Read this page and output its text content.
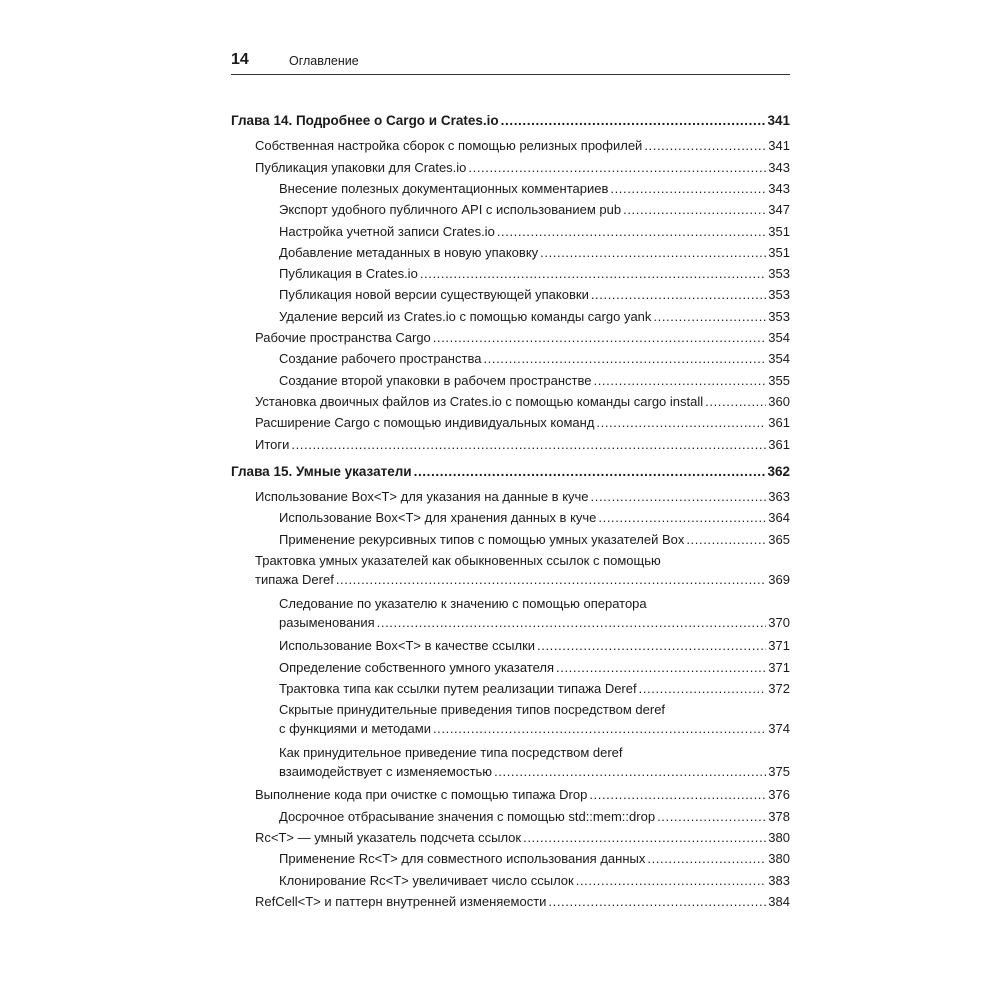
14	Оглавление
Глава 14. Подробнее о Cargo и Crates.io .....	341
Собственная настройка сборок с помощью релизных профилей .....	341
Публикация упаковки для Crates.io .....	343
Внесение полезных документационных комментариев .....	343
Экспорт удобного публичного API с использованием pub .....	347
Настройка учетной записи Crates.io .....	351
Добавление метаданных в новую упаковку .....	351
Публикация в Crates.io .....	353
Публикация новой версии существующей упаковки .....	353
Удаление версий из Crates.io с помощью команды cargo yank .....	353
Рабочие пространства Cargo .....	354
Создание рабочего пространства .....	354
Создание второй упаковки в рабочем пространстве .....	355
Установка двоичных файлов из Crates.io с помощью команды cargo install .....	360
Расширение Cargo с помощью индивидуальных команд .....	361
Итоги .....	361
Глава 15. Умные указатели .....	362
Использование Box<T> для указания на данные в куче .....	363
Использование Box<T> для хранения данных в куче .....	364
Применение рекурсивных типов с помощью умных указателей Box .....	365
Трактовка умных указателей как обыкновенных ссылок с помощью
типажа Deref .....	369
Следование по указателю к значению с помощью оператора
разыменования .....	370
Использование Box<T> в качестве ссылки .....	371
Определение собственного умного указателя .....	371
Трактовка типа как ссылки путем реализации типажа Deref .....	372
Скрытые принудительные приведения типов посредством deref
с функциями и методами .....	374
Как принудительное приведение типа посредством deref
взаимодействует с изменяемостью .....	375
Выполнение кода при очистке с помощью типажа Drop .....	376
Досрочное отбрасывание значения с помощью std::mem::drop .....	378
Rc<T> — умный указатель подсчета ссылок .....	380
Применение Rc<T> для совместного использования данных .....	380
Клонирование Rc<T> увеличивает число ссылок .....	383
RefCell<T> и паттерн внутренней изменяемости .....	384
